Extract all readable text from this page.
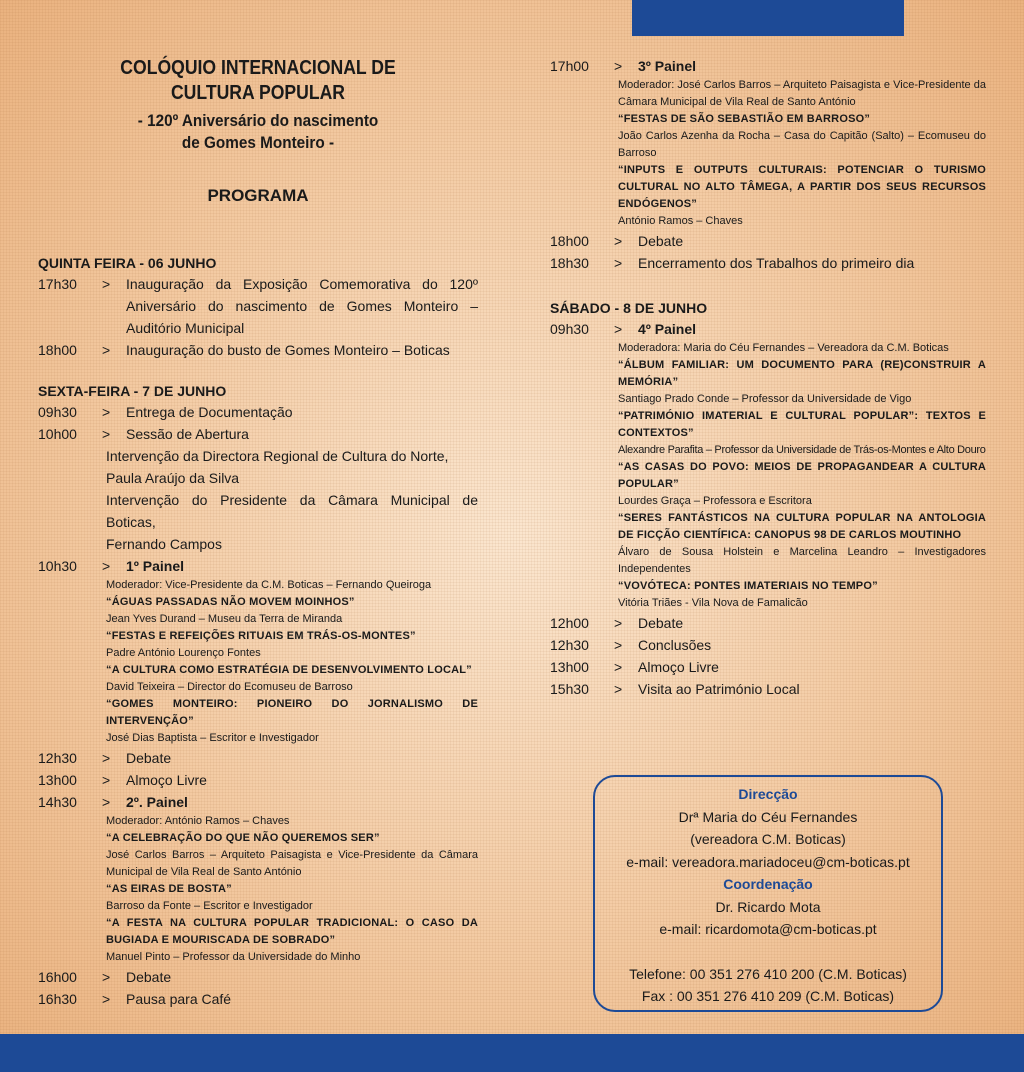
COLÓQUIO INTERNACIONAL DE
CULTURA POPULAR
- 120º Aniversário do nascimento
de Gomes Monteiro -
PROGRAMA
QUINTA FEIRA - 06 JUNHO
17h30	>	Inauguração da Exposição Comemorativa do 120º Aniversário do nascimento de Gomes Monteiro – Auditório Municipal
18h00	>	Inauguração do busto de Gomes Monteiro – Boticas
SEXTA-FEIRA - 7 DE JUNHO
09h30	>	Entrega de Documentação
10h00	>	Sessão de Abertura
Intervenção da Directora Regional de Cultura do Norte,
Paula Araújo da Silva
Intervenção do Presidente da Câmara Municipal de Boticas,
Fernando Campos
10h30	>	1º Painel
Moderador: Vice-Presidente da C.M. Boticas – Fernando Queiroga
“ÁGUAS PASSADAS NÃO MOVEM MOINHOS”
Jean Yves Durand – Museu da Terra de Miranda
“FESTAS E REFEIÇÕES RITUAIS EM TRÁS-OS-MONTES”
Padre António Lourenço Fontes
“A CULTURA COMO ESTRATÉGIA DE DESENVOLVIMENTO LOCAL”
David Teixeira – Director do Ecomuseu de Barroso
“GOMES MONTEIRO: PIONEIRO DO JORNALISMO DE INTERVENÇÃO”
José Dias Baptista – Escritor e Investigador
12h30	>	Debate
13h00	>	Almoço Livre
14h30	>	2º. Painel
Moderador: António Ramos – Chaves
“A CELEBRAÇÃO DO QUE NÃO QUEREMOS SER”
José Carlos Barros – Arquiteto Paisagista e Vice-Presidente da Câmara Municipal de Vila Real de Santo António
“AS EIRAS DE BOSTA”
Barroso da Fonte – Escritor e Investigador
“A FESTA NA CULTURA POPULAR TRADICIONAL: O CASO DA BUGIADA E MOURISCADA DE SOBRADO”
Manuel Pinto – Professor da Universidade do Minho
16h00	>	Debate
16h30	>	Pausa para Café
17h00	>	3º Painel
Moderador: José Carlos Barros – Arquiteto Paisagista e Vice-Presidente da Câmara Municipal de Vila Real de Santo António
“FESTAS DE SÃO SEBASTIÃO EM BARROSO”
João Carlos Azenha da Rocha – Casa do Capitão (Salto) – Ecomuseu do Barroso
“INPUTS E OUTPUTS CULTURAIS: POTENCIAR O TURISMO CULTURAL NO ALTO TÂMEGA, A PARTIR DOS SEUS RECURSOS ENDÓGENOS”
António Ramos – Chaves
18h00	>	Debate
18h30	>	Encerramento dos Trabalhos do primeiro dia
SÁBADO - 8 DE JUNHO
09h30	>	4º Painel
Moderadora: Maria do Céu Fernandes – Vereadora da C.M. Boticas
“ÁLBUM FAMILIAR: UM DOCUMENTO PARA (RE)CONSTRUIR A MEMÓRIA”
Santiago Prado Conde – Professor da Universidade de Vigo
“PATRIMÓNIO IMATERIAL E CULTURAL POPULAR”: TEXTOS E CONTEXTOS”
Alexandre Parafita – Professor da Universidade de Trás-os-Montes e Alto Douro
“AS CASAS DO POVO: MEIOS DE PROPAGANDEAR A CULTURA POPULAR”
Lourdes Graça – Professora e Escritora
“SERES FANTÁSTICOS NA CULTURA POPULAR NA ANTOLOGIA DE FICÇÃO CIENTÍFICA: CANOPUS 98 DE CARLOS MOUTINHO
Álvaro de Sousa Holstein e Marcelina Leandro – Investigadores Independentes
“VOVÓTECA: PONTES IMATERIAIS NO TEMPO”
Vitória Triães - Vila Nova de Famalicão
12h00	>	Debate
12h30	>	Conclusões
13h00	>	Almoço Livre
15h30	>	Visita ao Património Local
Direcção
Drª Maria do Céu Fernandes
(vereadora C.M. Boticas)
e-mail: vereadora.mariadoceu@cm-boticas.pt
Coordenação
Dr. Ricardo Mota
e-mail: ricardomota@cm-boticas.pt
Telefone: 00 351 276 410 200 (C.M. Boticas)
Fax : 00 351 276 410 209 (C.M. Boticas)
